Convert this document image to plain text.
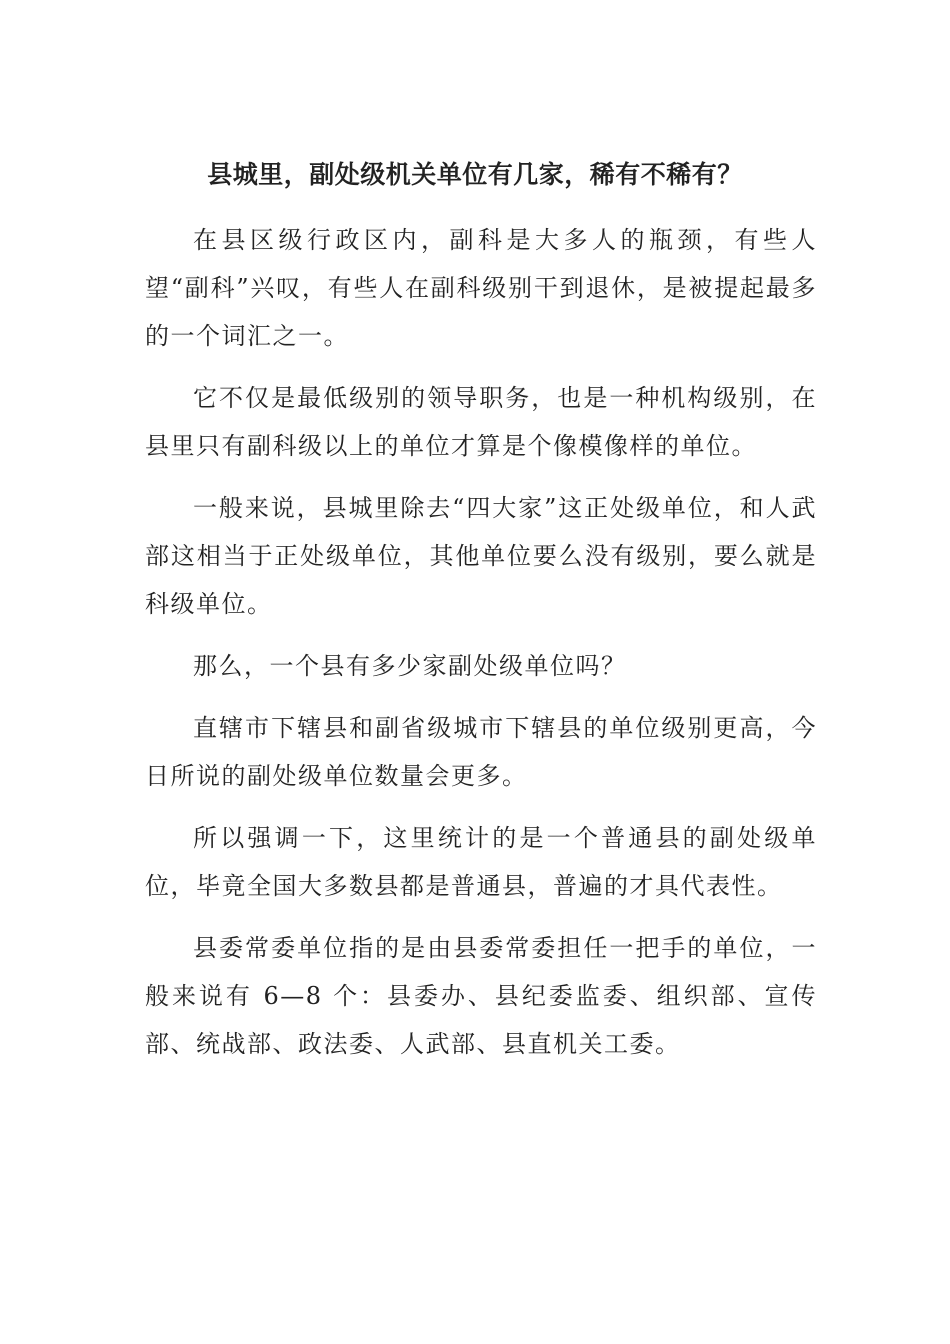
县城里，副处级机关单位有几家，稀有不稀有？

在县区级行政区内，副科是大多人的瓶颈，有些人望“副科”兴叹，有些人在副科级别干到退休，是被提起最多的一个词汇之一。

它不仅是最低级别的领导职务，也是一种机构级别，在县里只有副科级以上的单位才算是个像模像样的单位。

一般来说，县城里除去“四大家”这正处级单位，和人武部这相当于正处级单位，其他单位要么没有级别，要么就是科级单位。

那么，一个县有多少家副处级单位吗？

直辖市下辖县和副省级城市下辖县的单位级别更高，今日所说的副处级单位数量会更多。

所以强调一下，这里统计的是一个普通县的副处级单位，毕竟全国大多数县都是普通县，普遍的才具代表性。

县委常委单位指的是由县委常委担任一把手的单位，一般来说有 6—8 个：县委办、县纪委监委、组织部、宣传部、统战部、政法委、人武部、县直机关工委。
